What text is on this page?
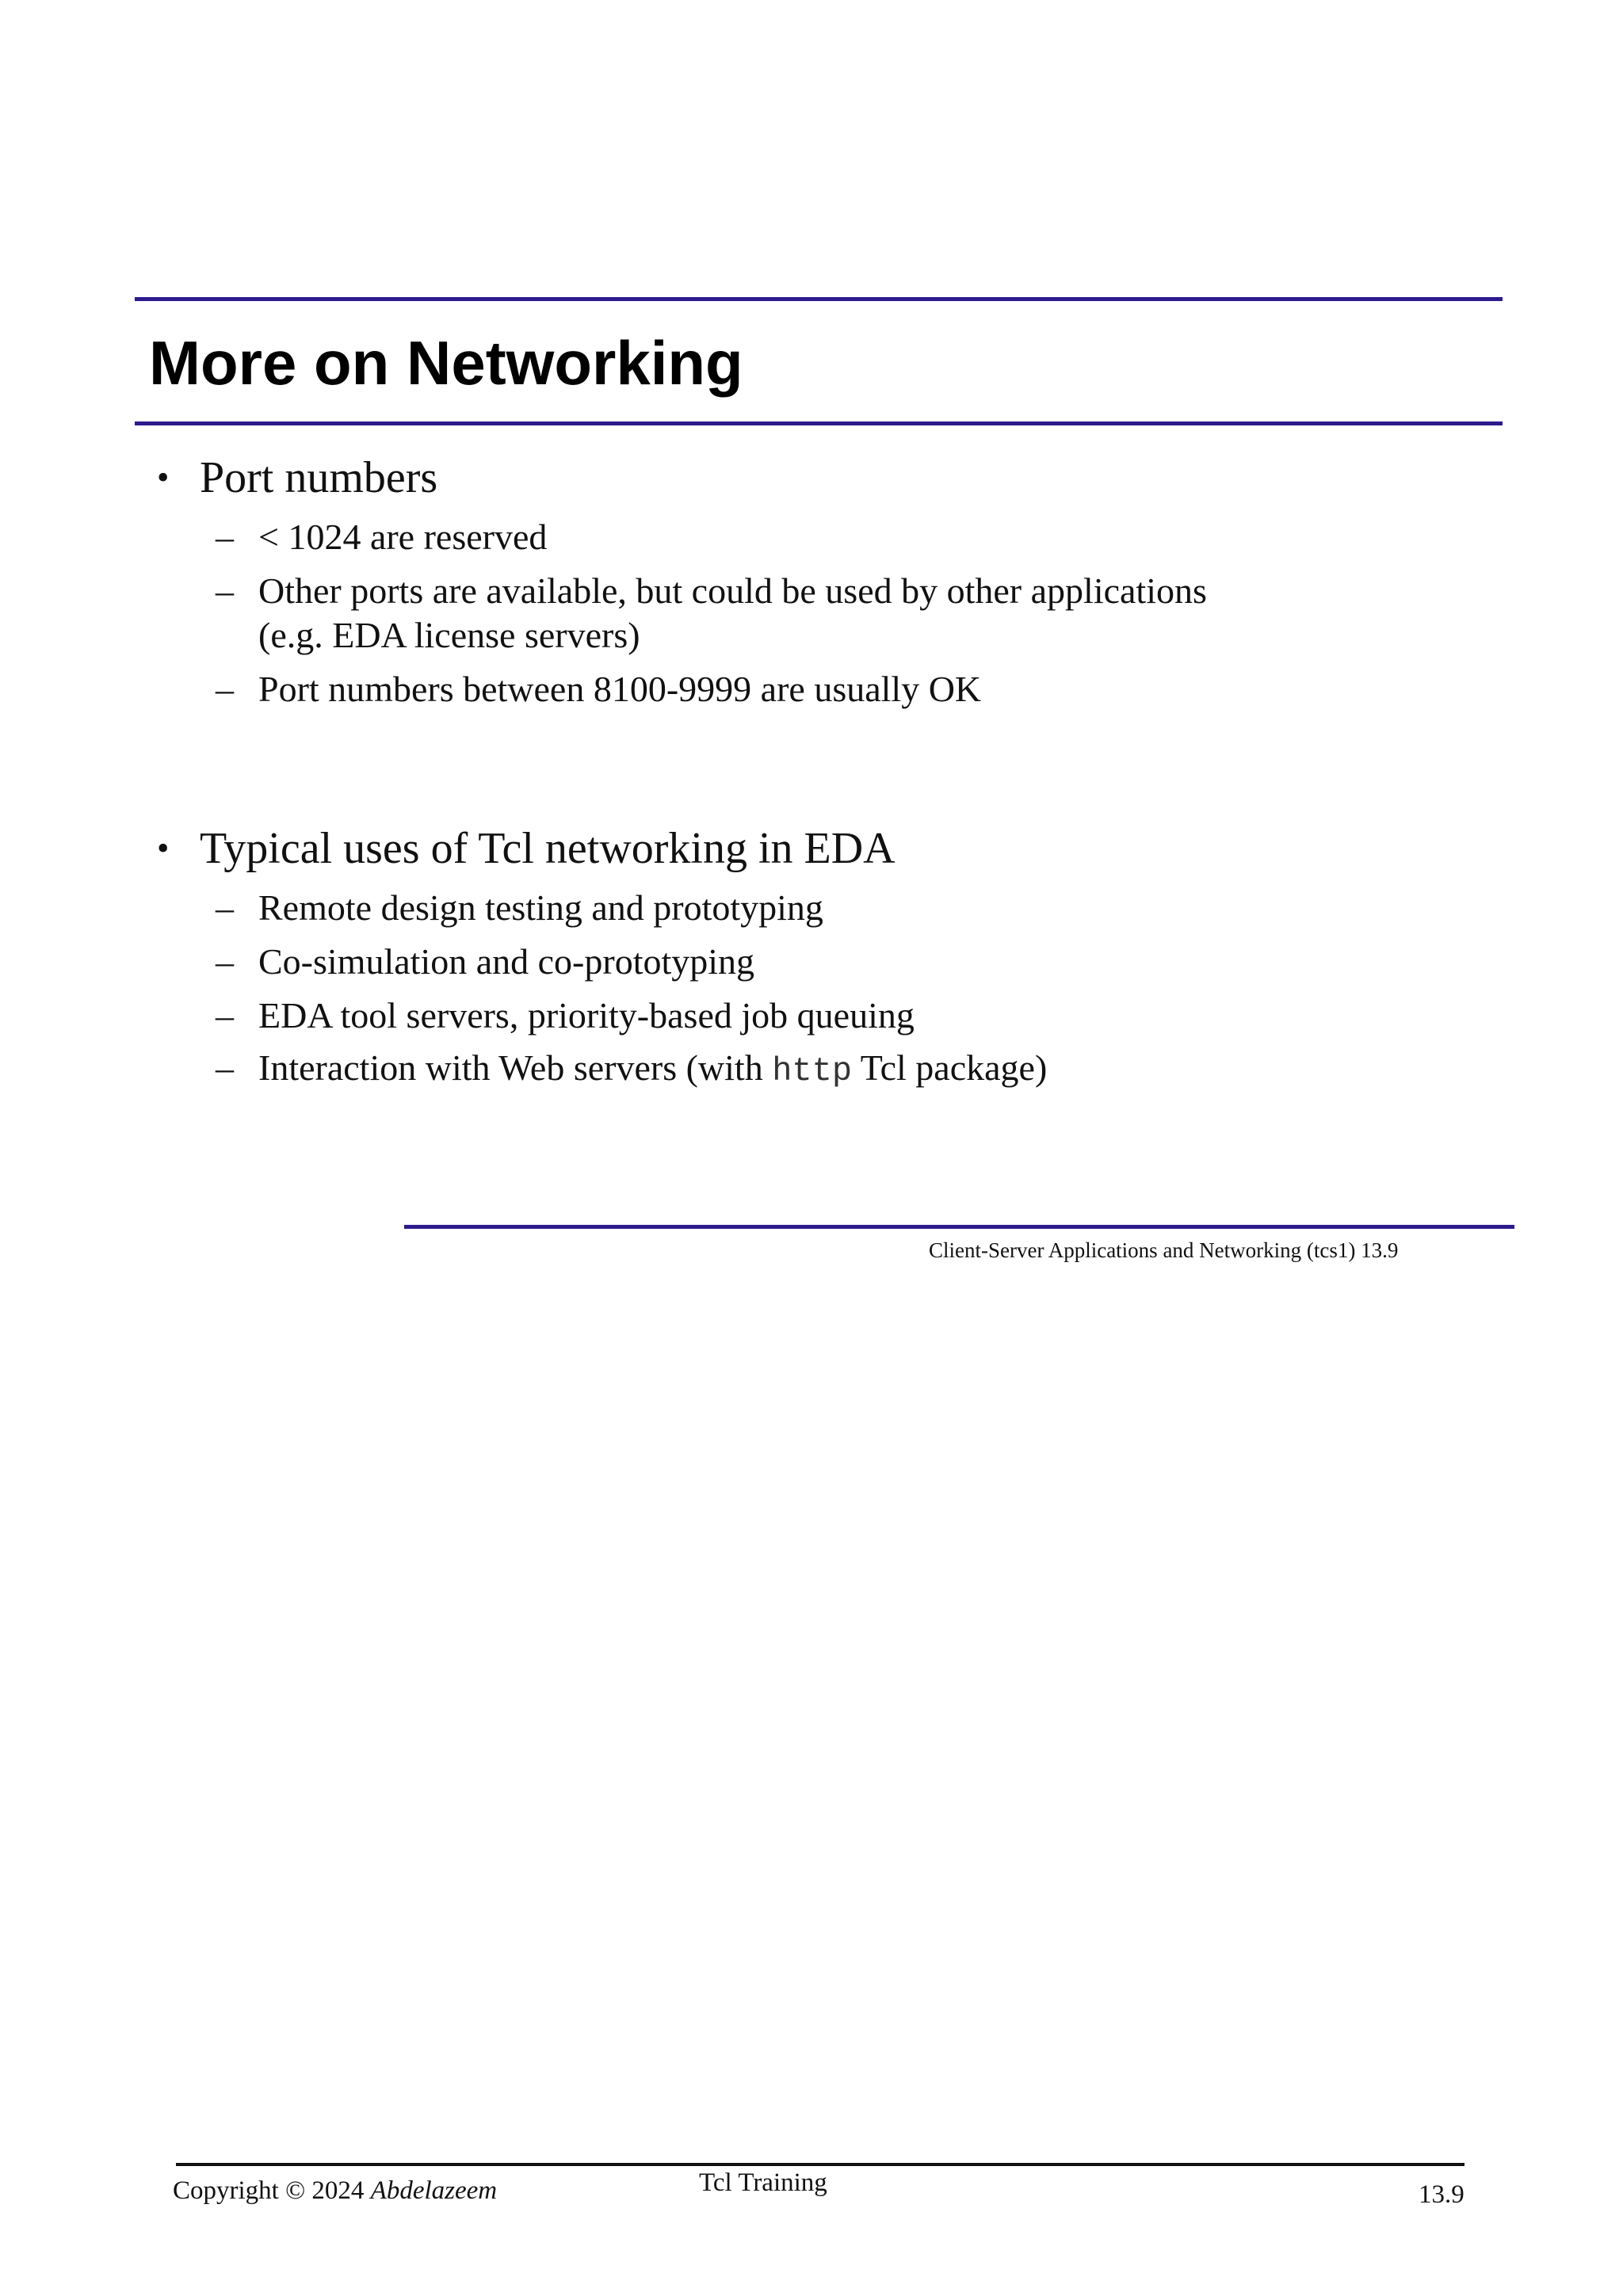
More on Networking
• Port numbers
– < 1024 are reserved
– Other ports are available, but could be used by other applications
(e.g. EDA license servers)
– Port numbers between 8100-9999 are usually OK
• Typical uses of Tcl networking in EDA
– Remote design testing and prototyping
– Co-simulation and co-prototyping
– EDA tool servers, priority-based job queuing
– Interaction with Web servers (with http Tcl package)
Client-Server Applications and Networking (tcs1) 13.9
Copyright © 2024 Abdelazeem	Tcl Training	13.9
